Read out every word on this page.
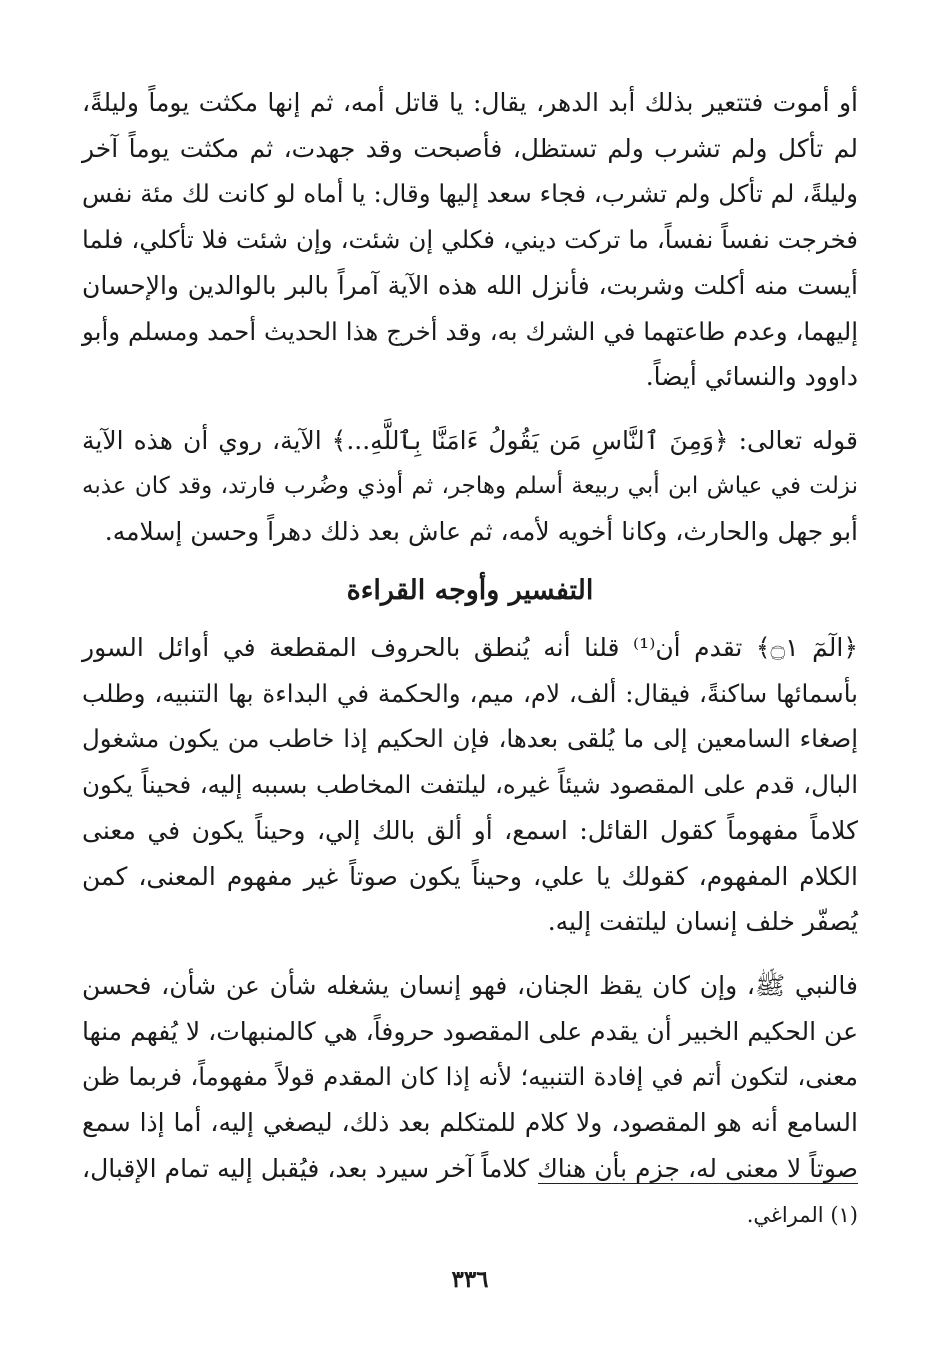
أو أموت فتتعير بذلك أبد الدهر، يقال: يا قاتل أمه، ثم إنها مكثت يوماً وليلةً،
لم تأكل ولم تشرب ولم تستظل، فأصبحت وقد جهدت، ثم مكثت يوماً آخر
وليلةً، لم تأكل ولم تشرب، فجاء سعد إليها وقال: يا أماه لو كانت لك مئة نفس
فخرجت نفساً نفساً، ما تركت ديني، فكلي إن شئت، وإن شئت فلا تأكلي، فلما
أيست منه أكلت وشربت، فأنزل الله هذه الآية آمراً بالبر بالوالدين والإحسان
إليهما، وعدم طاعتهما في الشرك به، وقد أخرج هذا الحديث أحمد ومسلم وأبو
داوود والنسائي أيضاً.

قوله تعالى: ﴿وَمِنَ ٱلنَّاسِ مَن يَقُولُ ءَامَنَّا بِٱللَّهِ...﴾ الآية، روي أن هذه الآية
نزلت في عياش ابن أبي ربيعة أسلم وهاجر، ثم أوذي وضُرب فارتد، وقد كان عذبه
أبو جهل والحارث، وكانا أخويه لأمه، ثم عاش بعد ذلك دهراً وحسن إسلامه.

التفسير وأوجه القراءة

﴿الٓمٓ ۝١﴾ تقدم أن⁽¹⁾ قلنا أنه يُنطق بالحروف المقطعة في أوائل السور
بأسمائها ساكنةً، فيقال: ألف، لام، ميم، والحكمة في البداءة بها التنبيه، وطلب
إصغاء السامعين إلى ما يُلقى بعدها، فإن الحكيم إذا خاطب من يكون مشغول
البال، قدم على المقصود شيئاً غيره، ليلتفت المخاطب بسببه إليه، فحيناً يكون
كلاماً مفهوماً كقول القائل: اسمع، أو ألق بالك إلي، وحيناً يكون في معنى
الكلام المفهوم، كقولك يا علي، وحيناً يكون صوتاً غير مفهوم المعنى، كمن
يُصفّر خلف إنسان ليلتفت إليه.

فالنبي ﷺ، وإن كان يقظ الجنان، فهو إنسان يشغله شأن عن شأن، فحسن
عن الحكيم الخبير أن يقدم على المقصود حروفاً، هي كالمنبهات، لا يُفهم منها
معنى، لتكون أتم في إفادة التنبيه؛ لأنه إذا كان المقدم قولاً مفهوماً، فربما ظن
السامع أنه هو المقصود، ولا كلام للمتكلم بعد ذلك، ليصغي إليه، أما إذا سمع
صوتاً لا معنى له، جزم بأن هناك كلاماً آخر سيرد بعد، فيُقبل إليه تمام الإقبال،

(١) المراغي.
٣٣٦
